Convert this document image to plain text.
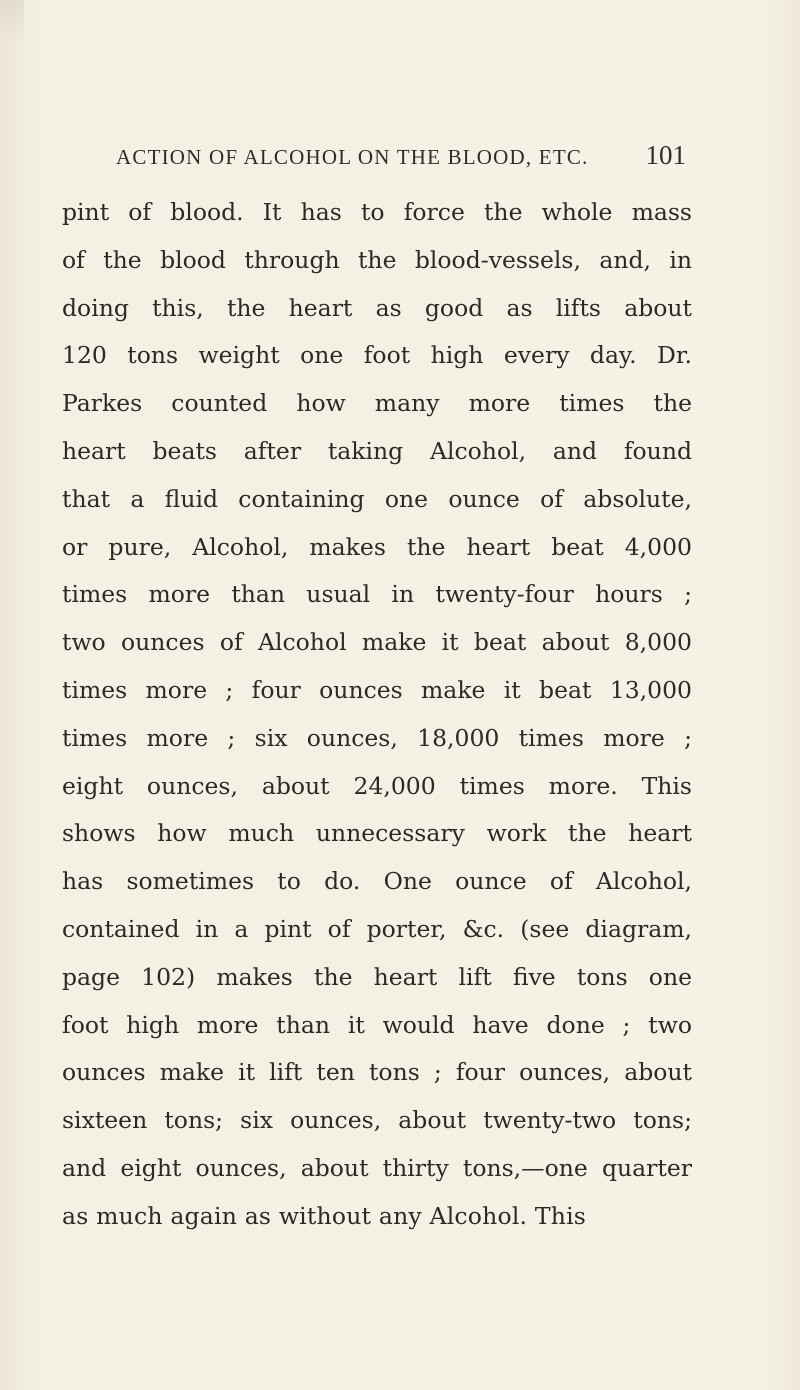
ACTION OF ALCOHOL ON THE BLOOD, ETC. 101
pint of blood. It has to force the whole mass
of the blood through the blood-vessels, and, in
doing this, the heart as good as lifts about
120 tons weight one foot high every day. Dr.
Parkes counted how many more times the
heart beats after taking Alcohol, and found
that a fluid containing one ounce of absolute,
or pure, Alcohol, makes the heart beat 4,000
times more than usual in twenty-four hours ;
two ounces of Alcohol make it beat about 8,000
times more ; four ounces make it beat 13,000
times more ; six ounces, 18,000 times more ;
eight ounces, about 24,000 times more. This
shows how much unnecessary work the heart
has sometimes to do. One ounce of Alcohol,
contained in a pint of porter, &c. (see diagram,
page 102) makes the heart lift five tons one
foot high more than it would have done ; two
ounces make it lift ten tons ; four ounces, about
sixteen tons; six ounces, about twenty-two tons;
and eight ounces, about thirty tons,—one quarter
as much again as without any Alcohol. This
